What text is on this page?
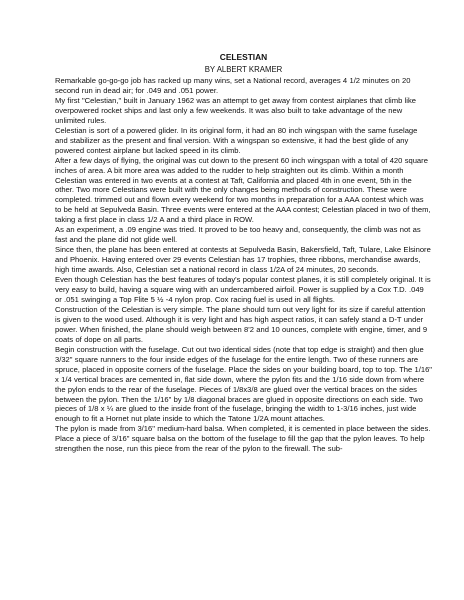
CELESTIAN
BY ALBERT KRAMER

Remarkable go-go-go job has racked up many wins, set a National record, averages 4 1/2 minutes on 20 second run in dead air; for .049 and .051 power.

My first "Celestian," built in January 1962 was an attempt to get away from contest airplanes that climb like overpowered rocket ships and last only a few weekends. It was also built to take advantage of the new unlimited rules.

Celestian is sort of a powered glider. In its original form, it had an 80 inch wingspan with the same fuselage and stabilizer as the present and final version. With a wingspan so extensive, it had the best glide of any powered contest airplane but lacked speed in its climb.

After a few days of flying, the original was cut down to the present 60 inch wingspan with a total of 420 square inches of area. A bit more area was added to the rudder to help straighten out its climb. Within a month Celestian was entered in two events at a contest at Taft, California and placed 4th in one event, 5th in the other. Two more Celestians were built with the only changes being methods of construction. These were completed. trimmed out and flown every weekend for two months in preparation for a AAA contest which was to be held at Sepulveda Basin. Three events were entered at the AAA contest; Celestian placed in two of them, taking a first place in class 1/2 A and a third place in ROW.

As an experiment, a .09 engine was tried. It proved to be too heavy and, consequently, the climb was not as fast and the plane did not glide well.

Since then, the plane has been entered at contests at Sepulveda Basin, Bakersfield, Taft, Tulare, Lake Elsinore and Phoenix. Having entered over 29 events Celestian has 17 trophies, three ribbons, merchandise awards, high time awards. Also, Celestian set a national record in class 1/2A of 24 minutes, 20 seconds.

Even though Celestian has the best features of today's popular contest planes, it is still completely original. It is very easy to build, having a square wing with an undercambered airfoil. Power is supplied by a Cox T.D. .049 or .051 swinging a Top Flite 5 ½ -4 nylon prop. Cox racing fuel is used in all flights.

Construction of the Celestian is very simple. The plane should turn out very light for its size if careful attention is given to the wood used. Although it is very light and has high aspect ratios, it can safely stand a D-T under power. When finished, the plane should weigh between 8'2 and 10 ounces, complete with engine, timer, and 9 coats of dope on all parts.

Begin construction with the fuselage. Cut out two identical sides (note that top edge is straight) and then glue 3/32" square runners to the four inside edges of the fuselage for the entire length. Two of these runners are spruce, placed in opposite corners of the fuselage. Place the sides on your building board, top to top. The 1/16" x 1/4 vertical braces are cemented in, flat side down, where the pylon fits and the 1/16 side down from where the pylon ends to the rear of the fuselage. Pieces of 1/8x3/8 are glued over the vertical braces on the sides between the pylon. Then the 1/16" by 1/8 diagonal braces are glued in opposite directions on each side. Two pieces of 1/8 x ¼ are glued to the inside front of the fuselage, bringing the width to 1-3/16 inches, just wide enough to fit a Hornet nut plate inside to which the Tatone 1/2A mount attaches.

The pylon is made from 3/16" medium-hard balsa. When completed, it is cemented in place between the sides. Place a piece of 3/16" square balsa on the bottom of the fuselage to fill the gap that the pylon leaves. To help strengthen the nose, run this piece from the rear of the pylon to the firewall. The sub-
